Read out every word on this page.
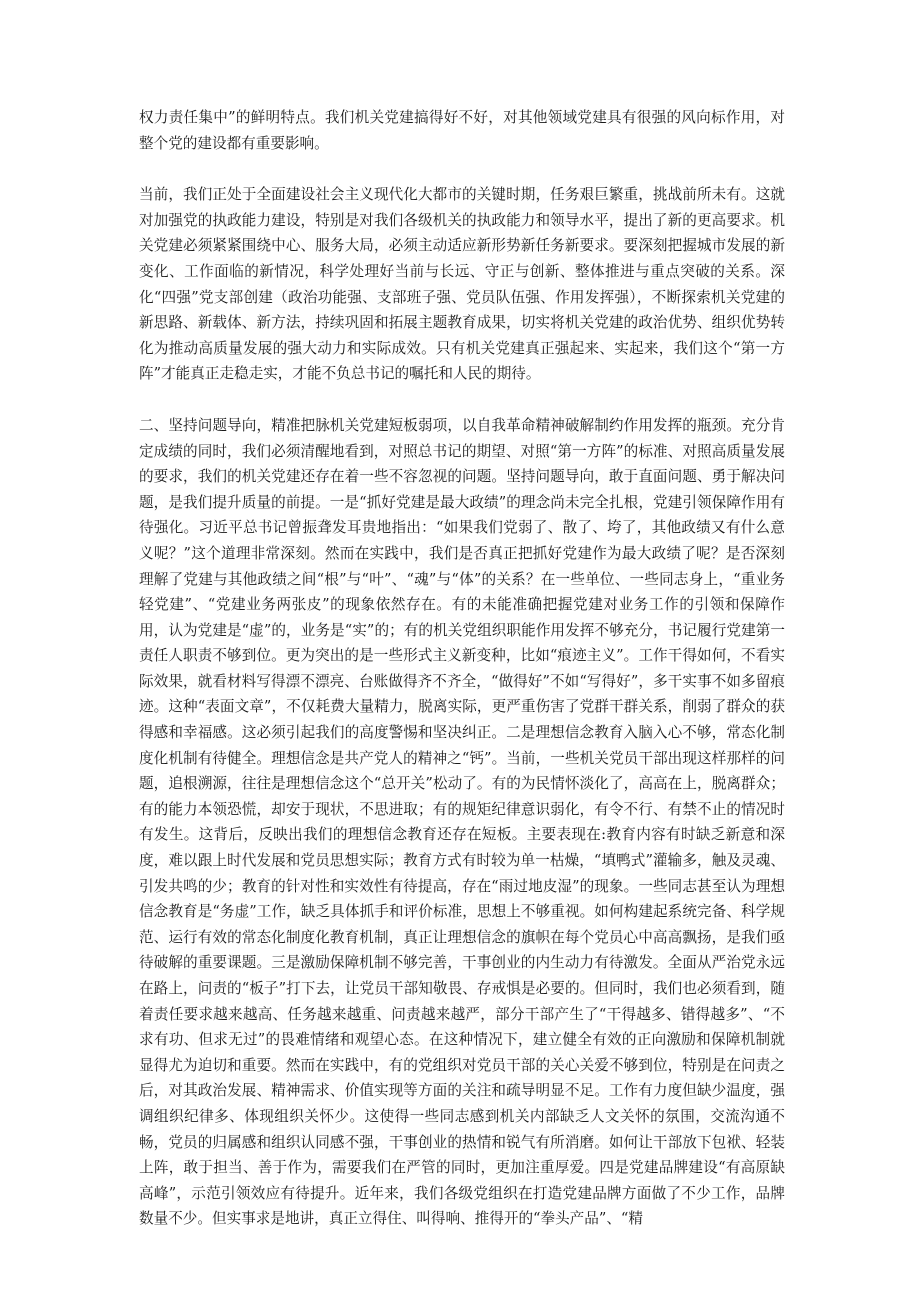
权力责任集中”的鲜明特点。我们机关党建搞得好不好，对其他领域党建具有很强的风向标作用，对整个党的建设都有重要影响。

当前，我们正处于全面建设社会主义现代化大都市的关键时期，任务艰巨繁重，挑战前所未有。这就对加强党的执政能力建设，特别是对我们各级机关的执政能力和领导水平，提出了新的更高要求。机关党建必须紧紧围绕中心、服务大局，必须主动适应新形势新任务新要求。要深刻把握城市发展的新变化、工作面临的新情况，科学处理好当前与长远、守正与创新、整体推进与重点突破的关系。深化“四强”党支部创建（政治功能强、支部班子强、党员队伍强、作用发挥强），不断探索机关党建的新思路、新载体、新方法，持续巩固和拓展主题教育成果，切实将机关党建的政治优势、组织优势转化为推动高质量发展的强大动力和实际成效。只有机关党建真正强起来、实起来，我们这个“第一方阵”才能真正走稳走实，才能不负总书记的嘱托和人民的期待。

二、坚持问题导向，精准把脉机关党建短板弱项，以自我革命精神破解制约作用发挥的瓶颈。充分肯定成绩的同时，我们必须清醒地看到，对照总书记的期望、对照“第一方阵”的标准、对照高质量发展的要求，我们的机关党建还存在着一些不容忽视的问题。坚持问题导向，敢于直面问题、勇于解决问题，是我们提升质量的前提。一是“抓好党建是最大政绩”的理念尚未完全扎根，党建引领保障作用有待强化。习近平总书记曾振聋发耳贵地指出：“如果我们党弱了、散了、垮了，其他政绩又有什么意义呢？”这个道理非常深刻。然而在实践中，我们是否真正把抓好党建作为最大政绩了呢？是否深刻理解了党建与其他政绩之间“根”与“叶”、“魂”与“体”的关系？在一些单位、一些同志身上，“重业务轻党建”、“党建业务两张皮”的现象依然存在。有的未能准确把握党建对业务工作的引领和保障作用，认为党建是“虚”的，业务是“实”的；有的机关党组织职能作用发挥不够充分，书记履行党建第一责任人职责不够到位。更为突出的是一些形式主义新变种，比如“痕迹主义”。工作干得如何，不看实际效果，就看材料写得漂不漂亮、台账做得齐不齐全，“做得好”不如“写得好”，多干实事不如多留痕迹。这种“表面文章”，不仅耗费大量精力，脱离实际，更严重伤害了党群干群关系，削弱了群众的获得感和幸福感。这必须引起我们的高度警惕和坚决纠正。二是理想信念教育入脑入心不够，常态化制度化机制有待健全。理想信念是共产党人的精神之“钙”。当前，一些机关党员干部出现这样那样的问题，追根溯源，往往是理想信念这个“总开关”松动了。有的为民情怀淡化了，高高在上，脱离群众；有的能力本领恐慌，却安于现状，不思进取；有的规矩纪律意识弱化，有令不行、有禁不止的情况时有发生。这背后，反映出我们的理想信念教育还存在短板。主要表现在:教育内容有时缺乏新意和深度，难以跟上时代发展和党员思想实际；教育方式有时较为单一枯燥，“填鸭式”灌输多，触及灵魂、引发共鸣的少；教育的针对性和实效性有待提高，存在“雨过地皮湿”的现象。一些同志甚至认为理想信念教育是“务虚”工作，缺乏具体抓手和评价标准，思想上不够重视。如何构建起系统完备、科学规范、运行有效的常态化制度化教育机制，真正让理想信念的旗帜在每个党员心中高高飘扬，是我们亟待破解的重要课题。三是激励保障机制不够完善，干事创业的内生动力有待激发。全面从严治党永远在路上，问责的“板子”打下去，让党员干部知敬畏、存戒惧是必要的。但同时，我们也必须看到，随着责任要求越来越高、任务越来越重、问责越来越严，部分干部产生了“干得越多、错得越多”、“不求有功、但求无过”的畏难情绪和观望心态。在这种情况下，建立健全有效的正向激励和保障机制就显得尤为迫切和重要。然而在实践中，有的党组织对党员干部的关心关爱不够到位，特别是在问责之后，对其政治发展、精神需求、价值实现等方面的关注和疏导明显不足。工作有力度但缺少温度，强调组织纪律多、体现组织关怀少。这使得一些同志感到机关内部缺乏人文关怀的氛围，交流沟通不畅，党员的归属感和组织认同感不强，干事创业的热情和锐气有所消磨。如何让干部放下包袱、轻装上阵，敢于担当、善于作为，需要我们在严管的同时，更加注重厚爱。四是党建品牌建设“有高原缺高峰”，示范引领效应有待提升。近年来，我们各级党组织在打造党建品牌方面做了不少工作，品牌数量不少。但实事求是地讲，真正立得住、叫得响、推得开的“拳头产品”、“精
